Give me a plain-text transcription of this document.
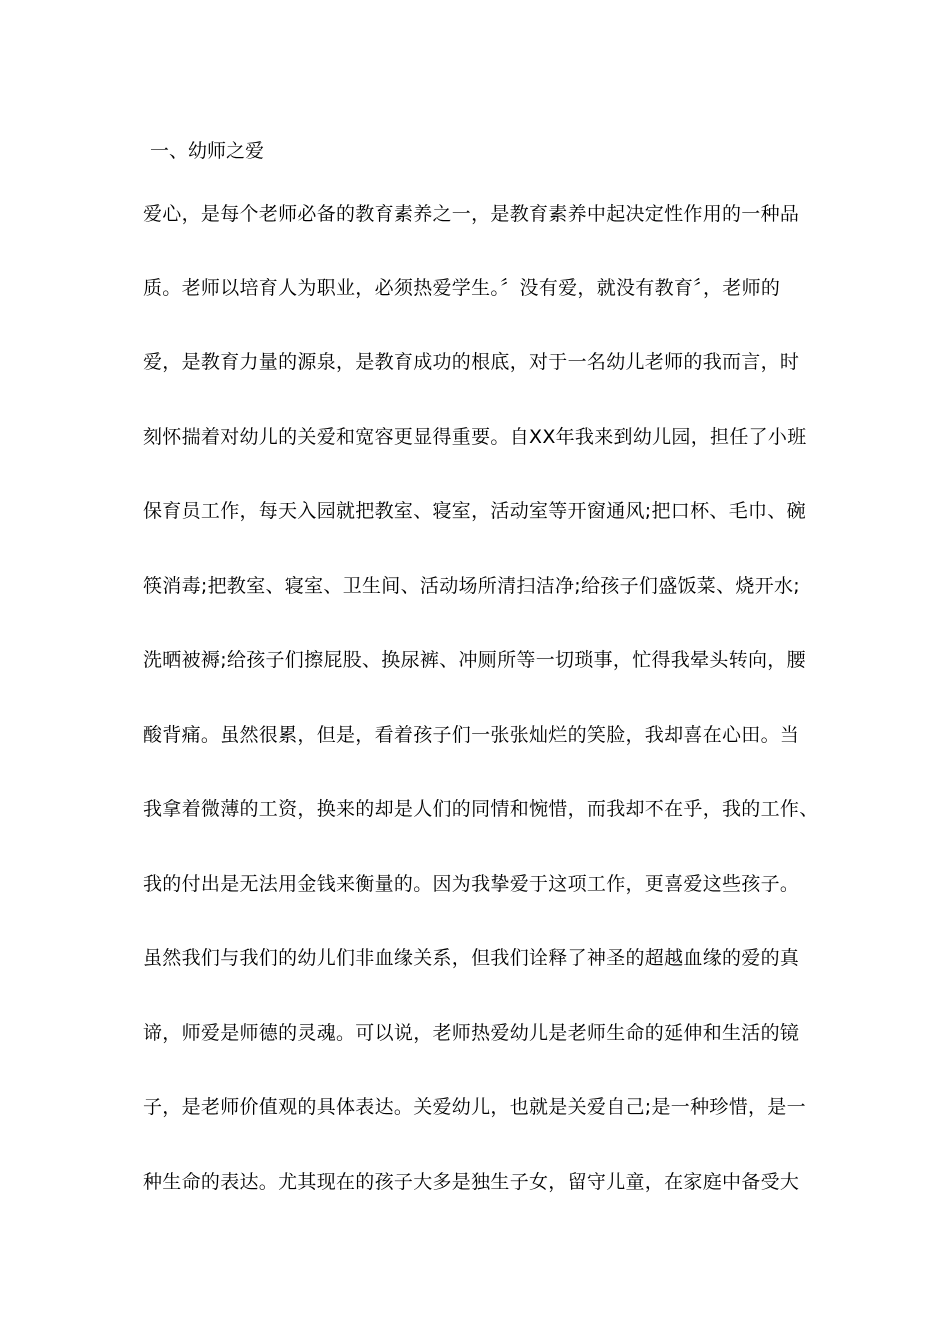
一、幼师之爱
爱心，是每个老师必备的教育素养之一，是教育素养中起决定性作用的一种品
质。老师以培育人为职业，必须热爱学生。〞没有爱，就没有教育〞，老师的
爱，是教育力量的源泉，是教育成功的根底，对于一名幼儿老师的我而言，时
刻怀揣着对幼儿的关爱和宽容更显得重要。自XX年我来到幼儿园，担任了小班
保育员工作，每天入园就把教室、寝室，活动室等开窗通风;把口杯、毛巾、碗
筷消毒;把教室、寝室、卫生间、活动场所清扫洁净;给孩子们盛饭菜、烧开水;
洗晒被褥;给孩子们擦屁股、换尿裤、冲厕所等一切琐事，忙得我晕头转向，腰
酸背痛。虽然很累，但是，看着孩子们一张张灿烂的笑脸，我却喜在心田。当
我拿着微薄的工资，换来的却是人们的同情和惋惜，而我却不在乎，我的工作、
我的付出是无法用金钱来衡量的。因为我挚爱于这项工作，更喜爱这些孩子。
虽然我们与我们的幼儿们非血缘关系，但我们诠释了神圣的超越血缘的爱的真
谛，师爱是师德的灵魂。可以说，老师热爱幼儿是老师生命的延伸和生活的镜
子，是老师价值观的具体表达。关爱幼儿，也就是关爱自己;是一种珍惜，是一
种生命的表达。尤其现在的孩子大多是独生子女，留守儿童，在家庭中备受大
